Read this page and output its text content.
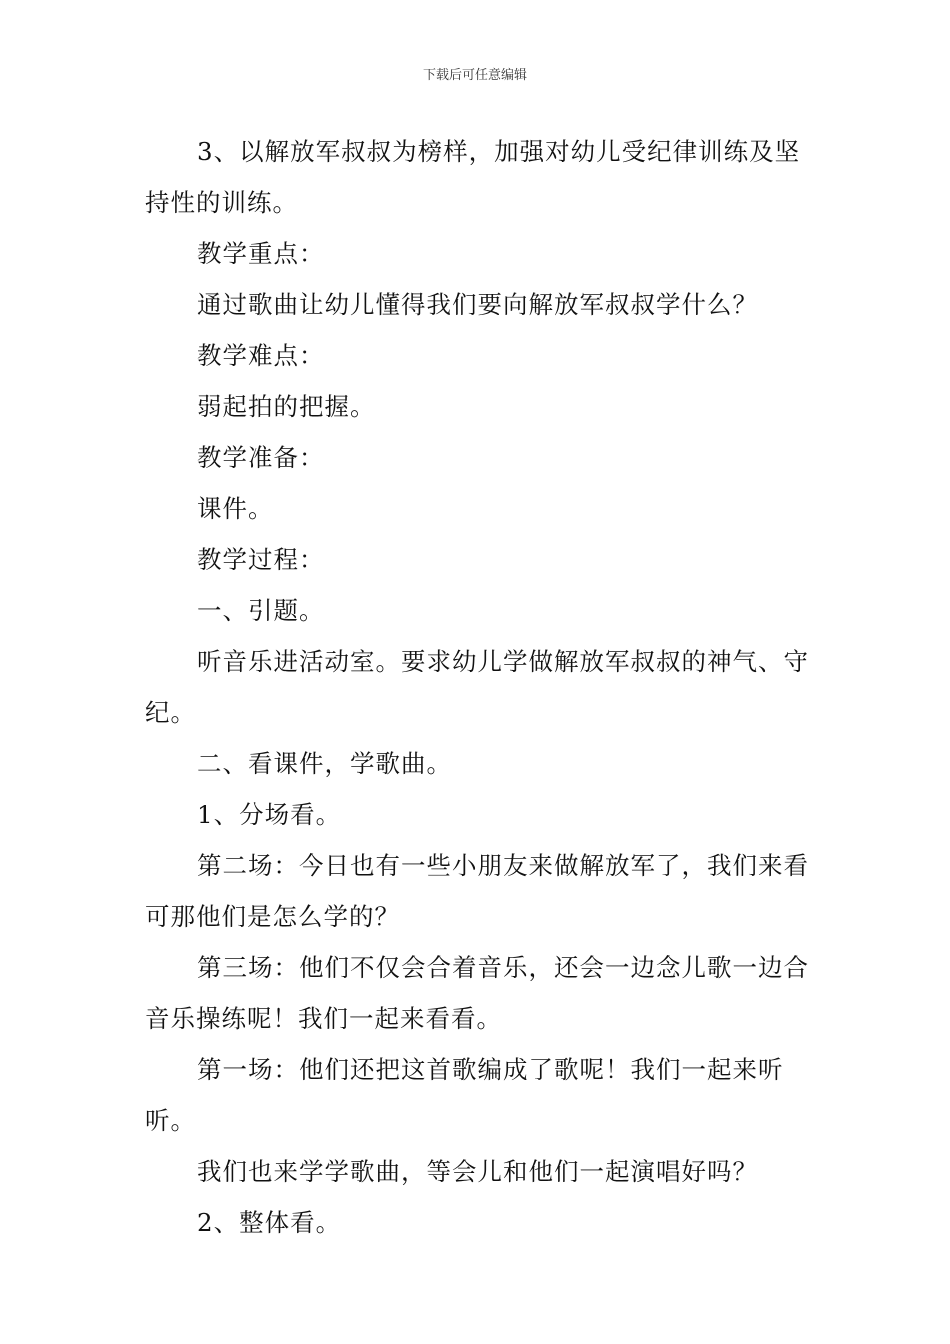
下载后可任意编辑

3、以解放军叔叔为榜样，加强对幼儿受纪律训练及坚持性的训练。

教学重点：

通过歌曲让幼儿懂得我们要向解放军叔叔学什么？

教学难点：

弱起拍的把握。

教学准备：

课件。

教学过程：

一、引题。

听音乐进活动室。要求幼儿学做解放军叔叔的神气、守纪。

二、看课件，学歌曲。

1、分场看。

第二场：今日也有一些小朋友来做解放军了，我们来看可那他们是怎么学的？

第三场：他们不仅会合着音乐，还会一边念儿歌一边合音乐操练呢！我们一起来看看。

第一场：他们还把这首歌编成了歌呢！我们一起来听听。

我们也来学学歌曲，等会儿和他们一起演唱好吗？

2、整体看。
